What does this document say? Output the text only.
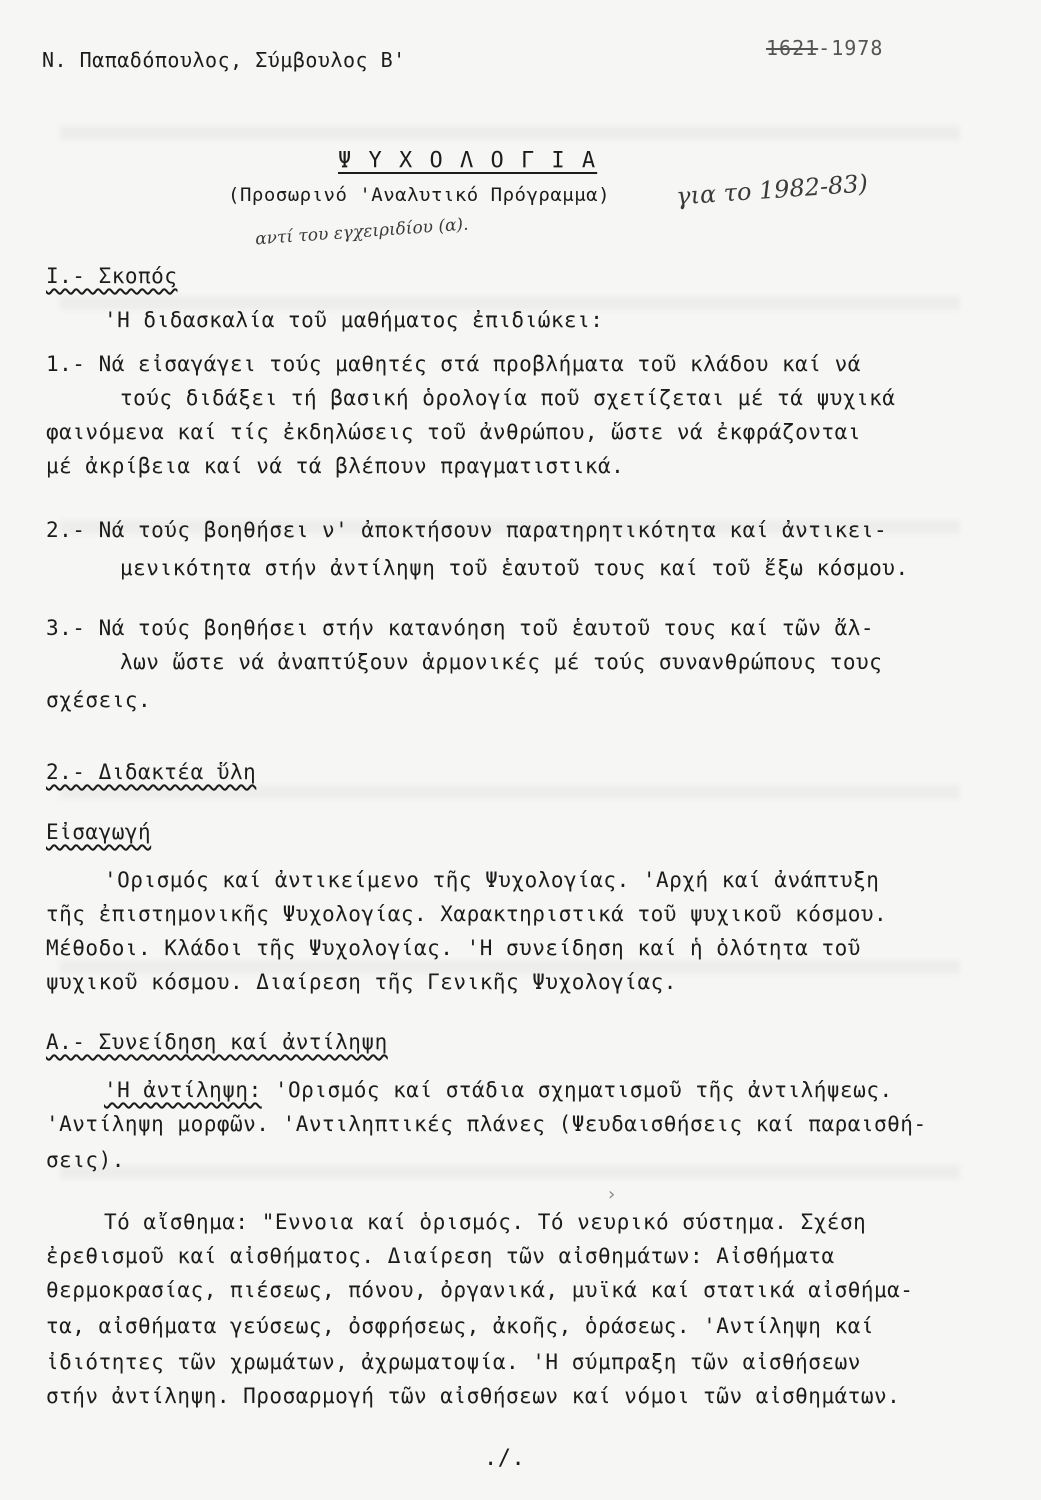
Ν. Παπαδόπουλος, Σύμβουλος Β'	1621-1978
Ψ Υ Χ Ο Λ Ο Γ Ι Α
(Προσωρινό 'Αναλυτικό Πρόγραμμα)	για το 1982-83)
αντί του εγχειριδίου (α).
I.- Σκοπός
'Η διδασκαλία τοῦ μαθήματος ἐπιδιώκει:
1.- Νά εἰσαγάγει τούς μαθητές στά προβλήματα τοῦ κλάδου καί νά
τούς διδάξει τή βασική ὁρολογία ποῦ σχετίζεται μέ τά ψυχικά
φαινόμενα καί τίς ἐκδηλώσεις τοῦ ἀνθρώπου, ὥστε νά ἐκφράζονται
μέ ἀκρίβεια καί νά τά βλέπουν πραγματιστικά.
2.- Νά τούς βοηθήσει ν' ἀποκτήσουν παρατηρητικότητα καί ἀντικει-
μενικότητα στήν ἀντίληψη τοῦ ἑαυτοῦ τους καί τοῦ ἔξω κόσμου.
3.- Νά τούς βοηθήσει στήν κατανόηση τοῦ ἑαυτοῦ τους καί τῶν ἄλ-
λων ὥστε νά ἀναπτύξουν ἁρμονικές μέ τούς συνανθρώπους τους
σχέσεις.
2.- Διδακτέα ὕλη
Εἰσαγωγή
'Ορισμός καί ἀντικείμενο τῆς Ψυχολογίας. 'Αρχή καί ἀνάπτυξη
τῆς ἐπιστημονικῆς Ψυχολογίας. Χαρακτηριστικά τοῦ ψυχικοῦ κόσμου.
Μέθοδοι. Κλάδοι τῆς Ψυχολογίας. 'Η συνείδηση καί ἡ ὁλότητα τοῦ
ψυχικοῦ κόσμου. Διαίρεση τῆς Γενικῆς Ψυχολογίας.
Α.- Συνείδηση καί ἀντίληψη
'Η ἀντίληψη: 'Ορισμός καί στάδια σχηματισμοῦ τῆς ἀντιλήψεως.
'Αντίληψη μορφῶν. 'Αντιληπτικές πλάνες (Ψευδαισθήσεις καί παραισθή-
σεις).
›
Τό αἴσθημα: "Εννοια καί ὁρισμός. Τό νευρικό σύστημα. Σχέση
ἐρεθισμοῦ καί αἰσθήματος. Διαίρεση τῶν αἰσθημάτων: Αἰσθήματα
θερμοκρασίας, πιέσεως, πόνου, ὀργανικά, μυϊκά καί στατικά αἰσθήμα-
τα, αἰσθήματα γεύσεως, ὀσφρήσεως, ἀκοῆς, ὁράσεως. 'Αντίληψη καί
ἰδιότητες τῶν χρωμάτων, ἀχρωματοψία. 'Η σύμπραξη τῶν αἰσθήσεων
στήν ἀντίληψη. Προσαρμογή τῶν αἰσθήσεων καί νόμοι τῶν αἰσθημάτων.
./.
